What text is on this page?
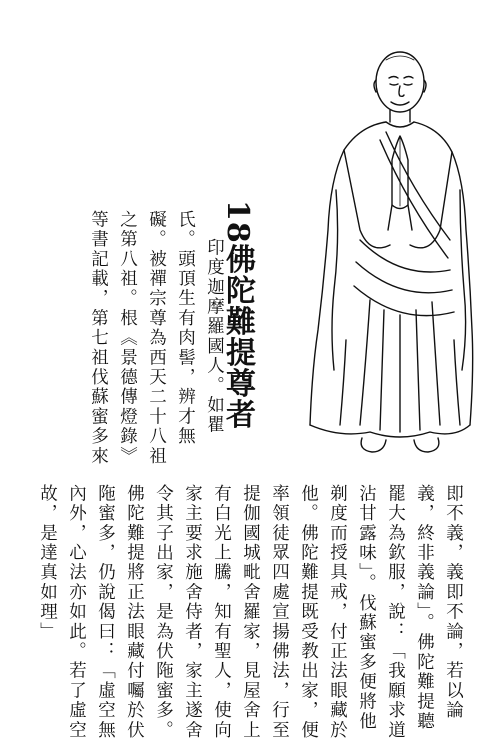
18佛陀難提尊者
印度迦摩羅國人。如瞿
氏。頭頂生有肉髻，辨才無
礙。被禪宗尊為西天二十八祖
之第八祖。根《景德傳燈錄》
等書記載，第七祖伐蘇蜜多來
即不義，義即不論，若以論
義，終非義論」。佛陀難提聽
罷大為欽服，說：「我願求道
沾甘露味」。伐蘇蜜多便將他
剃度而授具戒，付正法眼藏於
他。佛陀難提既受教出家，便
率領徒眾四處宣揚佛法，行至
提伽國城毗舍羅家，見屋舍上
有白光上騰，知有聖人，使向
家主要求施舍侍者，家主遂舍
令其子出家，是為伏陁蜜多。
佛陀難提將正法眼藏付囑於伏
陁蜜多，仍說偈曰：「虛空無
內外，心法亦如此。若了虛空
故，是達真如理」
